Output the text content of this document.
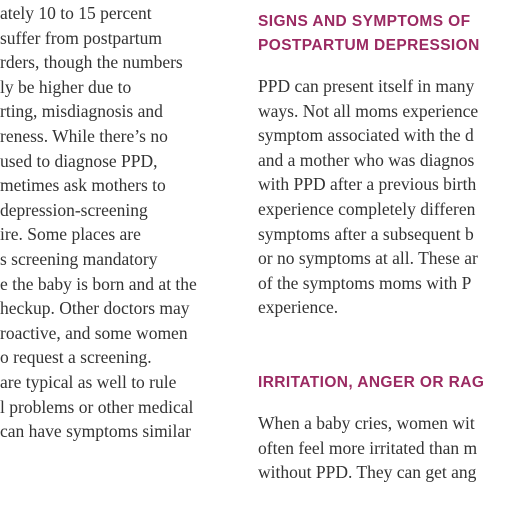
ately 10 to 15 percent
suffer from postpartum
rders, though the numbers
ly be higher due to
rting, misdiagnosis and
reness. While there’s no
used to diagnose PPD,
metimes ask mothers to
depression-screening
ire. Some places are
s screening mandatory
e the baby is born and at the
heckup. Other doctors may
roactive, and some women
o request a screening.
are typical as well to rule
l problems or other medical
can have symptoms similar
SIGNS AND SYMPTOMS OF
POSTPARTUM DEPRESSION
PPD can present itself in many
ways. Not all moms experience
symptom associated with the d
and a mother who was diagnos
with PPD after a previous birth
experience completely differen
symptoms after a subsequent b
or no symptoms at all. These ar
of the symptoms moms with P
experience.
IRRITATION, ANGER OR RAG
When a baby cries, women wit
often feel more irritated than m
without PPD. They can get ang
